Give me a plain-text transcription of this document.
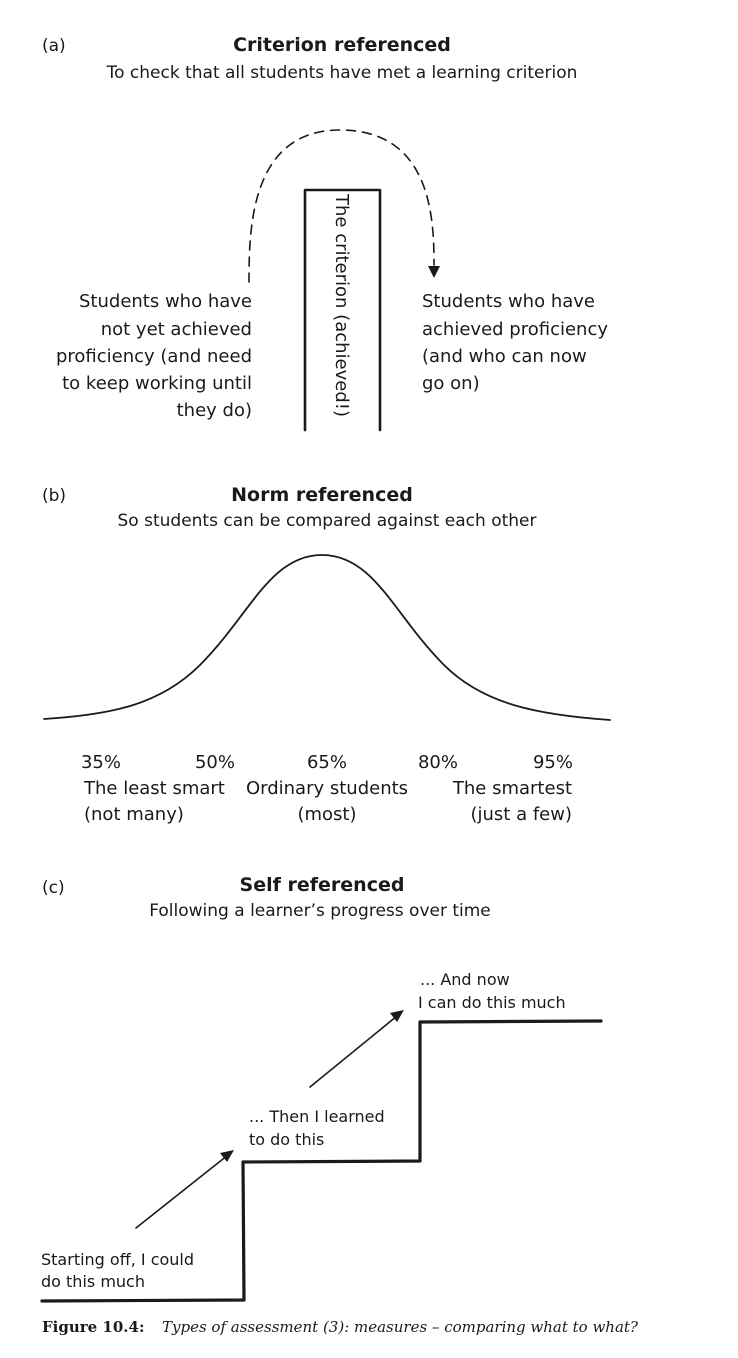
(a)	Criterion referenced
To check that all students have met a learning criterion
The criterion (achieved!)
Students who have
not yet achieved
proficiency (and need
to keep working until
they do)
Students who have
achieved proficiency
(and who can now
go on)
(b)	Norm referenced
So students can be compared against each other
35%	50%	65%	80%	95%
The least smart
(not many)
Ordinary students
(most)
The smartest
(just a few)
(c)	Self referenced
Following a learner’s progress over time
Starting off, I could
do this much
... Then I learned
to do this
... And now
I can do this much
Figure 10.4: Types of assessment (3): measures – comparing what to what?
